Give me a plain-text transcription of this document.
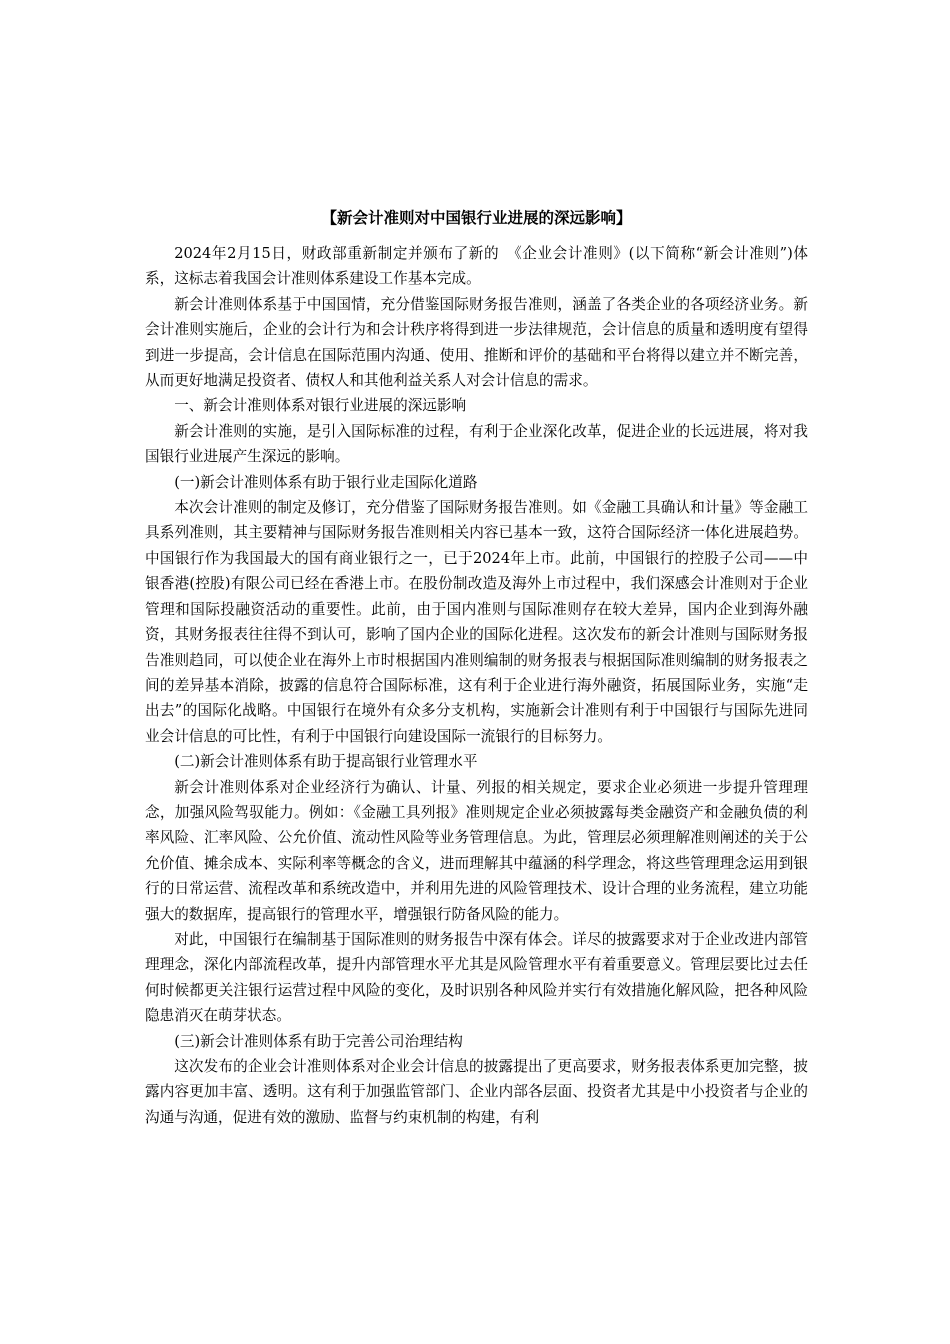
【新会计准则对中国银行业进展的深远影响】

2024年2月15日，财政部重新制定并颁布了新的　《企业会计准则》(以下简称“新会计准则”)体系，这标志着我国会计准则体系建设工作基本完成。

新会计准则体系基于中国国情，充分借鉴国际财务报告准则，涵盖了各类企业的各项经济业务。新会计准则实施后，企业的会计行为和会计秩序将得到进一步法律规范，会计信息的质量和透明度有望得到进一步提高，会计信息在国际范围内沟通、使用、推断和评价的基础和平台将得以建立并不断完善，从而更好地满足投资者、债权人和其他利益关系人对会计信息的需求。

一、新会计准则体系对银行业进展的深远影响

新会计准则的实施，是引入国际标准的过程，有利于企业深化改革，促进企业的长远进展，将对我国银行业进展产生深远的影响。

(一)新会计准则体系有助于银行业走国际化道路

本次会计准则的制定及修订，充分借鉴了国际财务报告准则。如《金融工具确认和计量》等金融工具系列准则，其主要精神与国际财务报告准则相关内容已基本一致，这符合国际经济一体化进展趋势。中国银行作为我国最大的国有商业银行之一，已于2024年上市。此前，中国银行的控股子公司——中银香港(控股)有限公司已经在香港上市。在股份制改造及海外上市过程中，我们深感会计准则对于企业管理和国际投融资活动的重要性。此前，由于国内准则与国际准则存在较大差异，国内企业到海外融资，其财务报表往往得不到认可，影响了国内企业的国际化进程。这次发布的新会计准则与国际财务报告准则趋同，可以使企业在海外上市时根据国内准则编制的财务报表与根据国际准则编制的财务报表之间的差异基本消除，披露的信息符合国际标准，这有利于企业进行海外融资，拓展国际业务，实施“走出去”的国际化战略。中国银行在境外有众多分支机构，实施新会计准则有利于中国银行与国际先进同业会计信息的可比性，有利于中国银行向建设国际一流银行的目标努力。

(二)新会计准则体系有助于提高银行业管理水平

新会计准则体系对企业经济行为确认、计量、列报的相关规定，要求企业必须进一步提升管理理念，加强风险驾驭能力。例如：《金融工具列报》准则规定企业必须披露每类金融资产和金融负债的利率风险、汇率风险、公允价值、流动性风险等业务管理信息。为此，管理层必须理解准则阐述的关于公允价值、摊余成本、实际利率等概念的含义，进而理解其中蕴涵的科学理念，将这些管理理念运用到银行的日常运营、流程改革和系统改造中，并利用先进的风险管理技术、设计合理的业务流程，建立功能强大的数据库，提高银行的管理水平，增强银行防备风险的能力。

对此，中国银行在编制基于国际准则的财务报告中深有体会。详尽的披露要求对于企业改进内部管理理念，深化内部流程改革，提升内部管理水平尤其是风险管理水平有着重要意义。管理层要比过去任何时候都更关注银行运营过程中风险的变化，及时识别各种风险并实行有效措施化解风险，把各种风险隐患消灭在萌芽状态。

(三)新会计准则体系有助于完善公司治理结构

这次发布的企业会计准则体系对企业会计信息的披露提出了更高要求，财务报表体系更加完整，披露内容更加丰富、透明。这有利于加强监管部门、企业内部各层面、投资者尤其是中小投资者与企业的沟通与沟通，促进有效的激励、监督与约束机制的构建，有利
